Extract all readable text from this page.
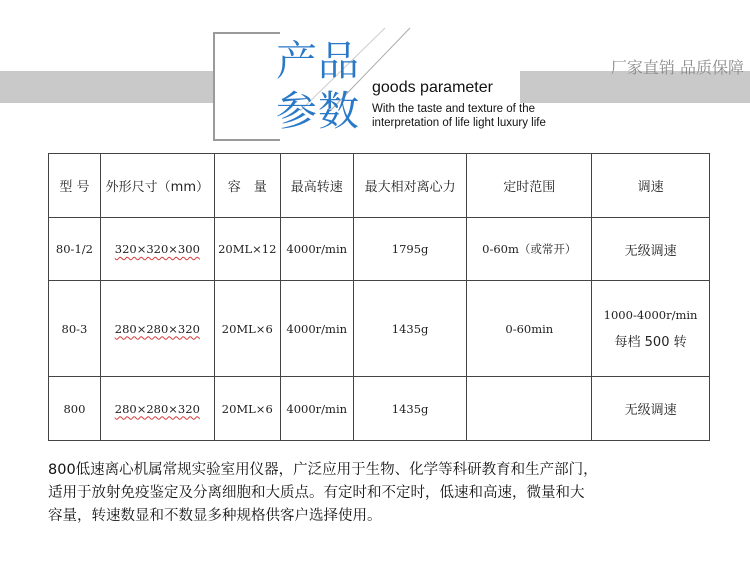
产品
参数 goods parameter
With the taste and texture of the
interpretation of life light luxury life
厂家直销 品质保障
型 号	外形尺寸（mm）	容　量	最高转速	最大相对离心力	定时范围	调速
80-1/2	320×320×300	20ML×12	4000r/min	1795g	0-60m（或常开）	无级调速
80-3	280×280×320	20ML×6	4000r/min	1435g	0-60min	1000-4000r/min
每档 500 转

800	280×280×320	20ML×6	4000r/min	1435g		无级调速
800低速离心机属常规实验室用仪器，广泛应用于生物、化学等科研教育和生产部门，
适用于放射免疫鉴定及分离细胞和大质点。有定时和不定时，低速和高速，微量和大
容量，转速数显和不数显多种规格供客户选择使用。
